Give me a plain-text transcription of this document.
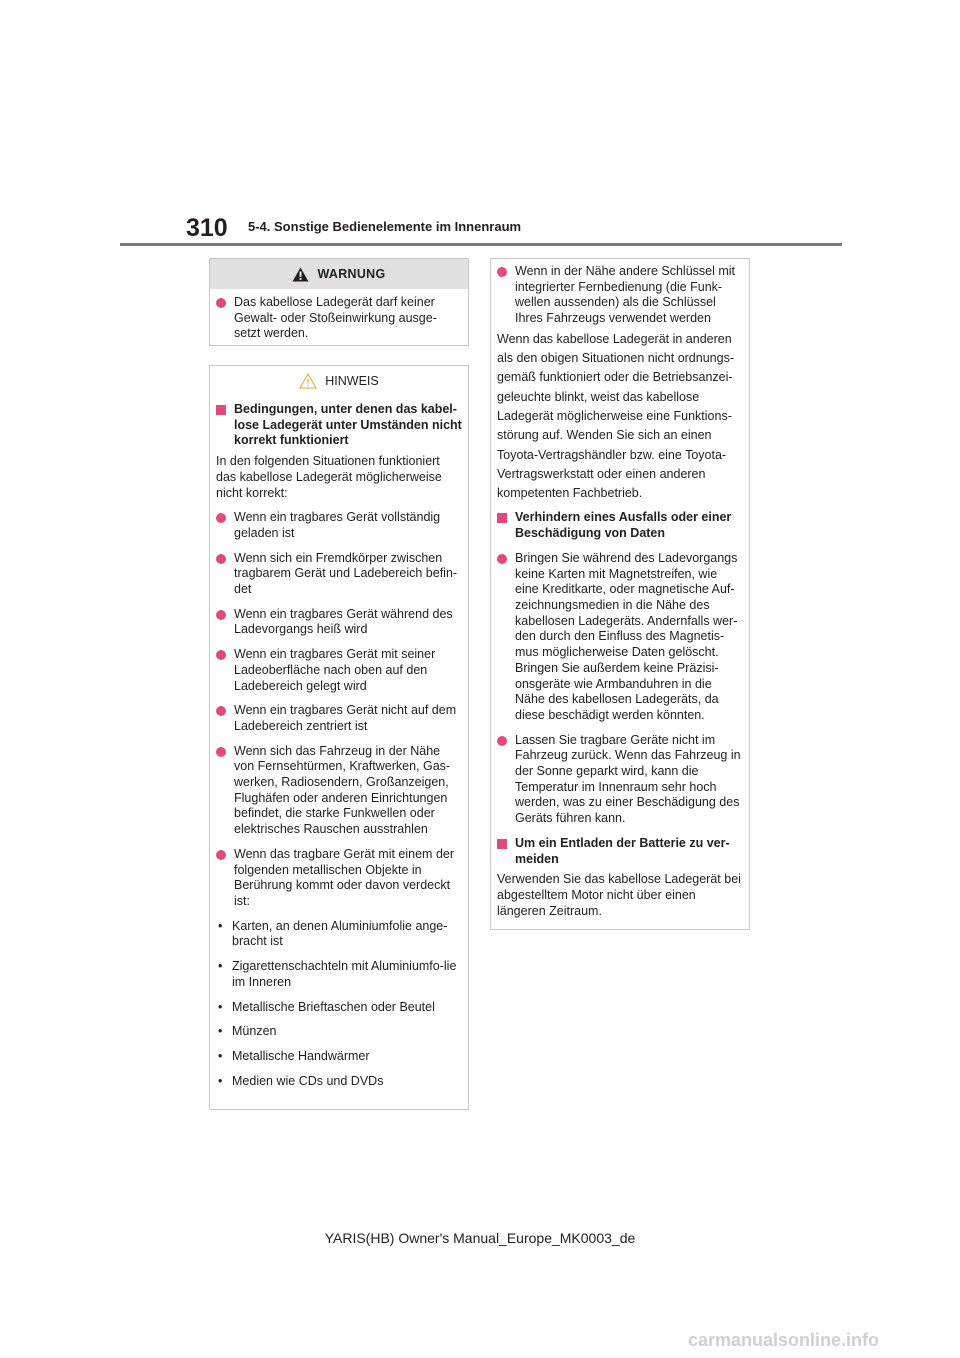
310 5-4. Sonstige Bedienelemente im Innenraum
WARNUNG
Das kabellose Ladegerät darf keiner Gewalt- oder Stoßeinwirkung ausge-setzt werden.
HINWEIS
Bedingungen, unter denen das kabel-lose Ladegerät unter Umständen nicht korrekt funktioniert
In den folgenden Situationen funktioniert das kabellose Ladegerät möglicherweise nicht korrekt:
Wenn ein tragbares Gerät vollständig geladen ist
Wenn sich ein Fremdkörper zwischen tragbarem Gerät und Ladebereich befin-det
Wenn ein tragbares Gerät während des Ladevorgangs heiß wird
Wenn ein tragbares Gerät mit seiner Ladeoberfläche nach oben auf den Ladebereich gelegt wird
Wenn ein tragbares Gerät nicht auf dem Ladebereich zentriert ist
Wenn sich das Fahrzeug in der Nähe von Fernsehtürmen, Kraftwerken, Gas-werken, Radiosendern, Großanzeigen, Flughäfen oder anderen Einrichtungen befindet, die starke Funkwellen oder elektrisches Rauschen ausstrahlen
Wenn das tragbare Gerät mit einem der folgenden metallischen Objekte in Berührung kommt oder davon verdeckt ist:
• Karten, an denen Aluminiumfolie ange-bracht ist
• Zigarettenschachteln mit Aluminiumfo-lie im Inneren
• Metallische Brieftaschen oder Beutel
• Münzen
• Metallische Handwärmer
• Medien wie CDs und DVDs
Wenn in der Nähe andere Schlüssel mit integrierter Fernbedienung (die Funk-wellen aussenden) als die Schlüssel Ihres Fahrzeugs verwendet werden
Wenn das kabellose Ladegerät in anderen
als den obigen Situationen nicht ordnungs-
gemäß funktioniert oder die Betriebsanzei-
geleuchte blinkt, weist das kabellose
Ladegerät möglicherweise eine Funktions-
störung auf. Wenden Sie sich an einen
Toyota-Vertragshändler bzw. eine Toyota-
Vertragswerkstatt oder einen anderen
kompetenten Fachbetrieb.
Verhindern eines Ausfalls oder einer Beschädigung von Daten
Bringen Sie während des Ladevorgangs keine Karten mit Magnetstreifen, wie eine Kreditkarte, oder magnetische Auf-zeichnungsmedien in die Nähe des kabellosen Ladegeräts. Andernfalls wer-den durch den Einfluss des Magnetis-mus möglicherweise Daten gelöscht. Bringen Sie außerdem keine Präzisi-onsgeräte wie Armbanduhren in die Nähe des kabellosen Ladegeräts, da diese beschädigt werden könnten.
Lassen Sie tragbare Geräte nicht im Fahrzeug zurück. Wenn das Fahrzeug in der Sonne geparkt wird, kann die Temperatur im Innenraum sehr hoch werden, was zu einer Beschädigung des Geräts führen kann.
Um ein Entladen der Batterie zu ver-meiden
Verwenden Sie das kabellose Ladegerät bei abgestelltem Motor nicht über einen längeren Zeitraum.
YARIS(HB) Owner's Manual_Europe_MK0003_de
carmanualsonline.info
